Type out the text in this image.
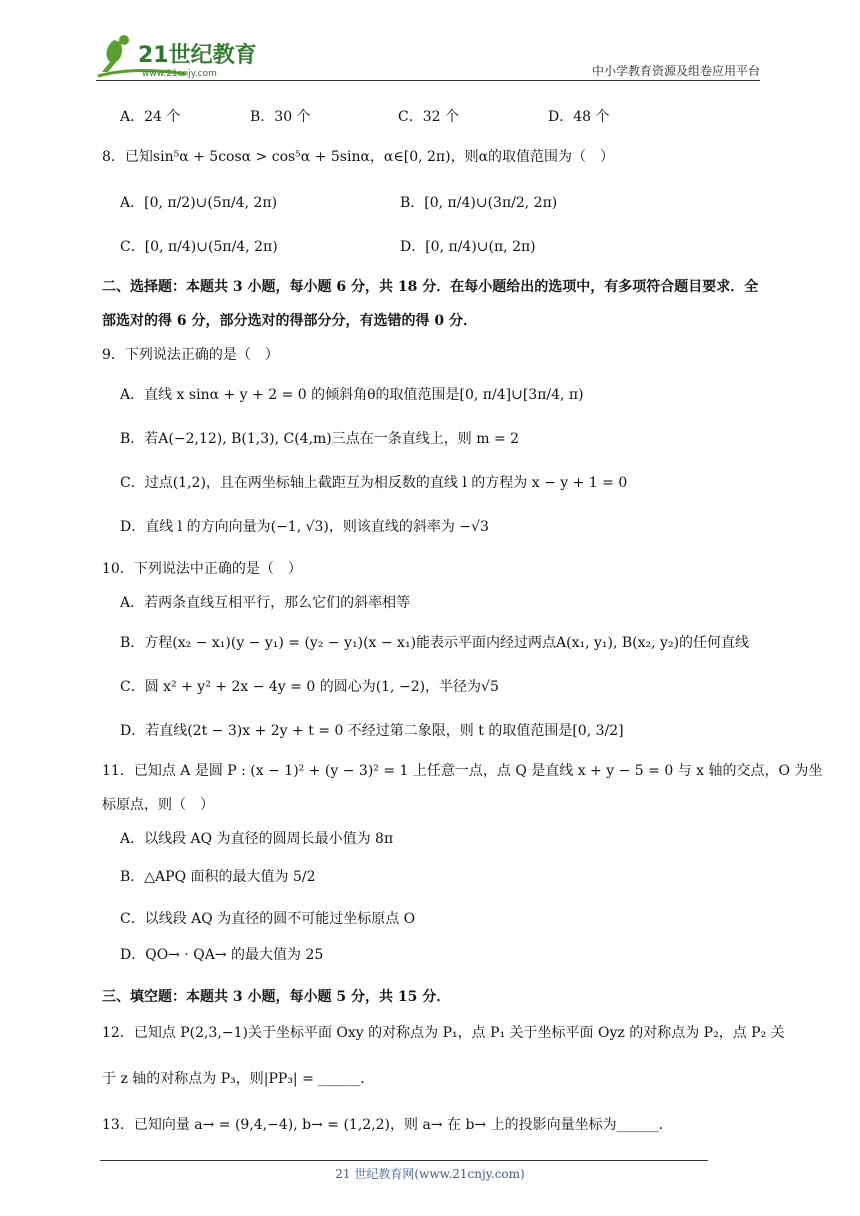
21世纪教育
www.21cnjy.com	中小学教育资源及组卷应用平台
A．24 个	B．30 个	C．32 个	D．48 个
8．已知sin⁵α + 5cosα > cos⁵α + 5sinα，α∈[0, 2π)，则α的取值范围为（　）
A．[0, π/2)∪(5π/4, 2π)	B．[0, π/4)∪(3π/2, 2π)
C．[0, π/4)∪(5π/4, 2π)	D．[0, π/4)∪(π, 2π)
二、选择题：本题共 3 小题，每小题 6 分，共 18 分．在每小题给出的选项中，有多项符合题目要求．全
部选对的得 6 分，部分选对的得部分分，有选错的得 0 分．
9．下列说法正确的是（　）
A．直线 x sinα + y + 2 = 0 的倾斜角θ的取值范围是[0, π/4]∪[3π/4, π)
B．若A(−2,12), B(1,3), C(4,m)三点在一条直线上，则 m = 2
C．过点(1,2)，且在两坐标轴上截距互为相反数的直线 l 的方程为 x − y + 1 = 0
D．直线 l 的方向向量为(−1, √3)，则该直线的斜率为 −√3
10．下列说法中正确的是（　）
A．若两条直线互相平行，那么它们的斜率相等
B．方程(x₂ − x₁)(y − y₁) = (y₂ − y₁)(x − x₁)能表示平面内经过两点A(x₁, y₁), B(x₂, y₂)的任何直线
C．圆 x² + y² + 2x − 4y = 0 的圆心为(1, −2)，半径为√5
D．若直线(2t − 3)x + 2y + t = 0 不经过第二象限，则 t 的取值范围是[0, 3/2]
11．已知点 A 是圆 P : (x − 1)² + (y − 3)² = 1 上任意一点，点 Q 是直线 x + y − 5 = 0 与 x 轴的交点，O 为坐
标原点，则（　）
A．以线段 AQ 为直径的圆周长最小值为 8π
B．△APQ 面积的最大值为 5/2
C．以线段 AQ 为直径的圆不可能过坐标原点 O
D．QO→ · QA→ 的最大值为 25
三、填空题：本题共 3 小题，每小题 5 分，共 15 分．
12．已知点 P(2,3,−1)关于坐标平面 Oxy 的对称点为 P₁，点 P₁ 关于坐标平面 Oyz 的对称点为 P₂，点 P₂ 关
于 z 轴的对称点为 P₃，则|PP₃| = ______．
13．已知向量 a→ = (9,4,−4), b→ = (1,2,2)，则 a→ 在 b→ 上的投影向量坐标为______．
21 世纪教育网(www.21cnjy.com)
